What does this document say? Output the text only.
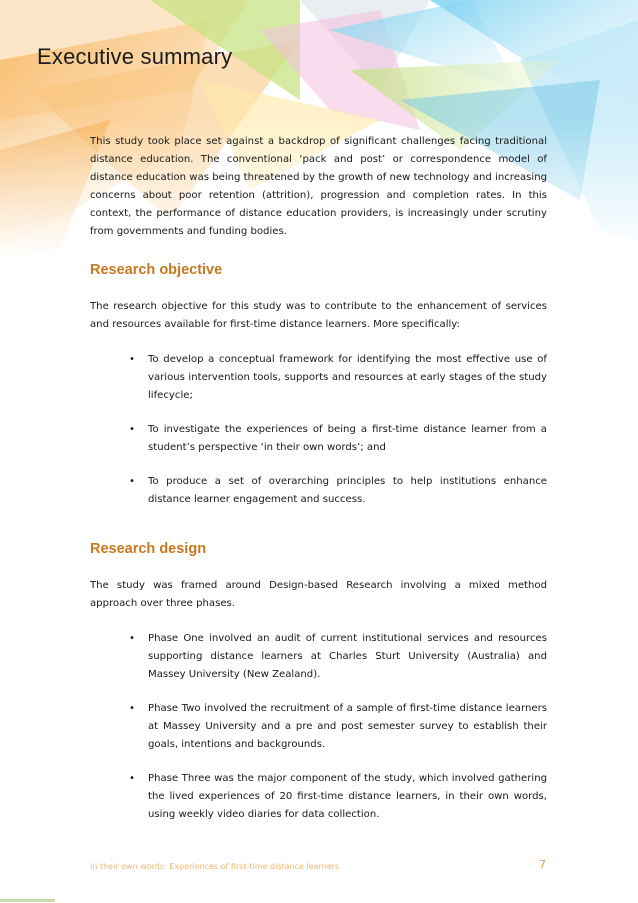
Executive summary

This study took place set against a backdrop of significant challenges facing traditional distance education. The conventional ‘pack and post’ or correspondence model of distance education was being threatened by the growth of new technology and increasing concerns about poor retention (attrition), progression and completion rates. In this context, the performance of distance education providers, is increasingly under scrutiny from governments and funding bodies.

Research objective

The research objective for this study was to contribute to the enhancement of services and resources available for first-time distance learners. More specifically:

• To develop a conceptual framework for identifying the most effective use of various intervention tools, supports and resources at early stages of the study lifecycle;
• To investigate the experiences of being a first-time distance learner from a student’s perspective ‘in their own words’; and
• To produce a set of overarching principles to help institutions enhance distance learner engagement and success.
Research design

The study was framed around Design-based Research involving a mixed method approach over three phases.

• Phase One involved an audit of current institutional services and resources supporting distance learners at Charles Sturt University (Australia) and Massey University (New Zealand).
• Phase Two involved the recruitment of a sample of first-time distance learners at Massey University and a pre and post semester survey to establish their goals, intentions and backgrounds.
• Phase Three was the major component of the study, which involved gathering the lived experiences of 20 first-time distance learners, in their own words, using weekly video diaries for data collection.
In their own words: Experiences of first-time distance learners	7
